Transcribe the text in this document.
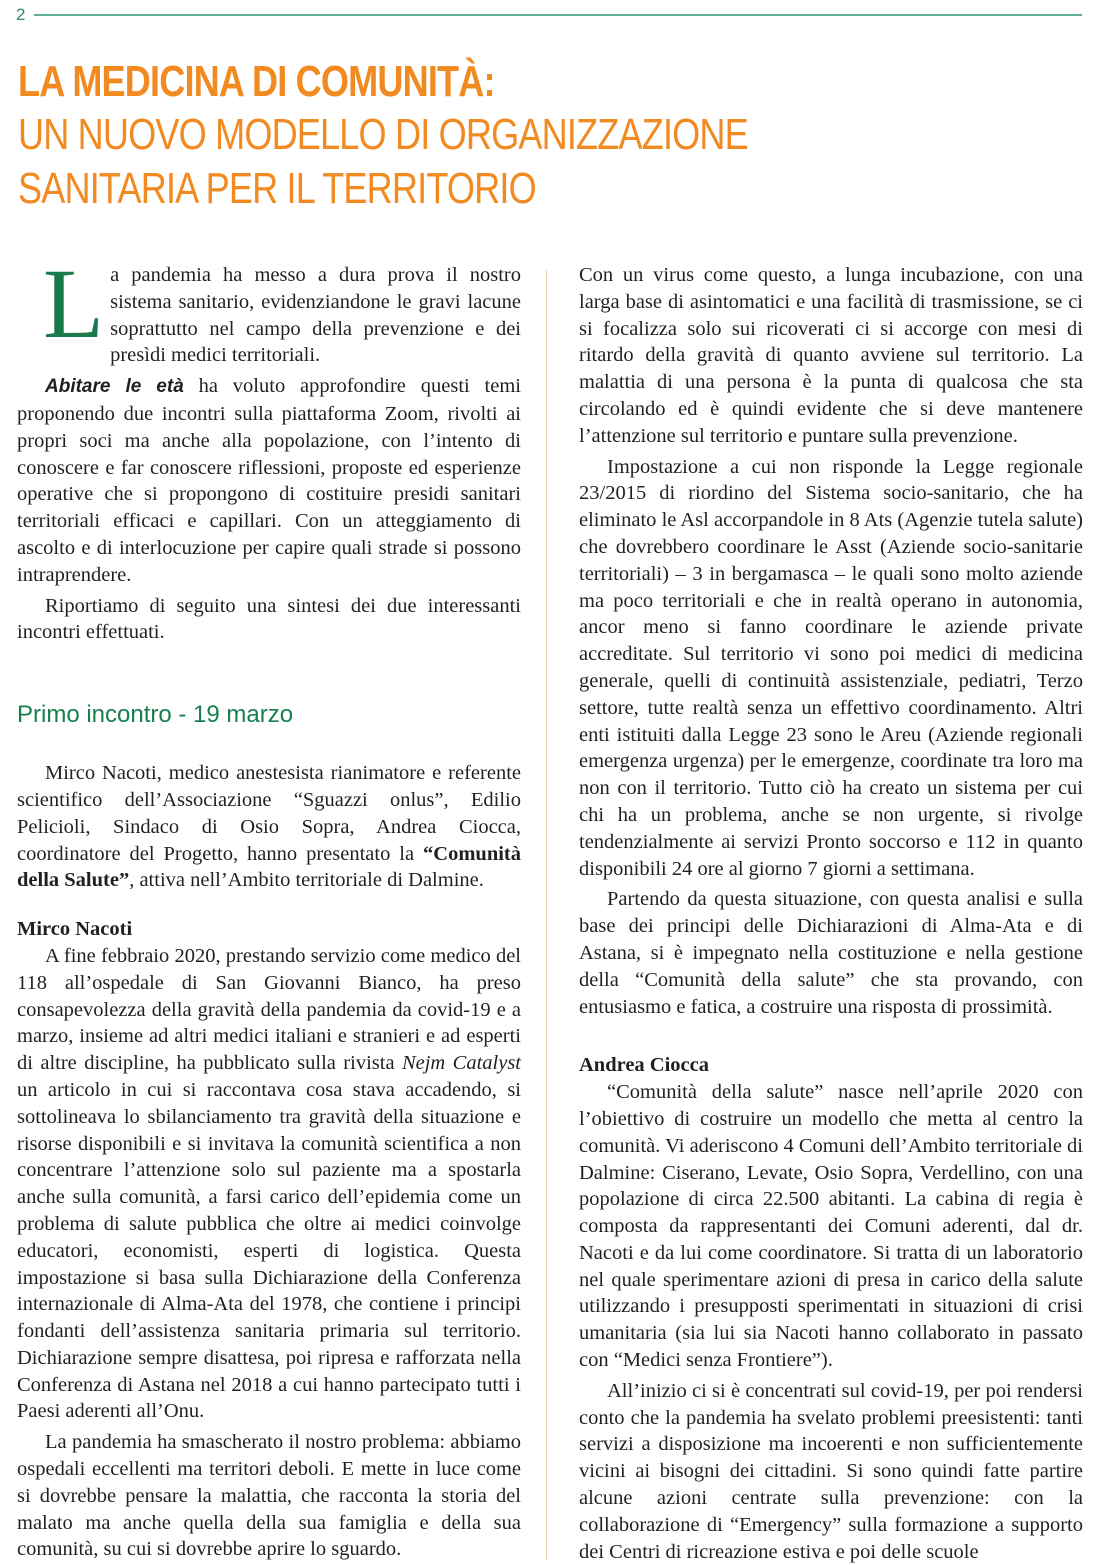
2
LA MEDICINA DI COMUNITÀ:
UN NUOVO MODELLO DI ORGANIZZAZIONE
SANITARIA PER IL TERRITORIO

La pandemia ha messo a dura prova il nostro sistema sanitario, evidenziandone le gravi lacune soprattutto nel campo della prevenzione e dei presìdi medici territoriali.

Abitare le età ha voluto approfondire questi temi proponendo due incontri sulla piattaforma Zoom, rivolti ai propri soci ma anche alla popolazione, con l’intento di conoscere e far conoscere riflessioni, proposte ed esperienze operative che si propongono di costituire presidi sanitari territoriali efficaci e capillari. Con un atteggiamento di ascolto e di interlocuzione per capire quali strade si possono intraprendere.

Riportiamo di seguito una sintesi dei due interessanti incontri effettuati.

Primo incontro - 19 marzo

Mirco Nacoti, medico anestesista rianimatore e referente scientifico dell’Associazione “Sguazzi onlus”, Edilio Pelicioli, Sindaco di Osio Sopra, Andrea Ciocca, coordinatore del Progetto, hanno presentato la “Comunità della Salute”, attiva nell’Ambito territoriale di Dalmine.

Mirco Nacoti

A fine febbraio 2020, prestando servizio come medico del 118 all’ospedale di San Giovanni Bianco, ha preso consapevolezza della gravità della pandemia da covid-19 e a marzo, insieme ad altri medici italiani e stranieri e ad esperti di altre discipline, ha pubblicato sulla rivista Nejm Catalyst un articolo in cui si raccontava cosa stava accadendo, si sottolineava lo sbilanciamento tra gravità della situazione e risorse disponibili e si invitava la comunità scientifica a non concentrare l’attenzione solo sul paziente ma a spostarla anche sulla comunità, a farsi carico dell’epidemia come un problema di salute pubblica che oltre ai medici coinvolge educatori, economisti, esperti di logistica. Questa impostazione si basa sulla Dichiarazione della Conferenza internazionale di Alma-Ata del 1978, che contiene i principi fondanti dell’assistenza sanitaria primaria sul territorio. Dichiarazione sempre disattesa, poi ripresa e rafforzata nella Conferenza di Astana nel 2018 a cui hanno partecipato tutti i Paesi aderenti all’Onu.

La pandemia ha smascherato il nostro problema: abbiamo ospedali eccellenti ma territori deboli. E mette in luce come si dovrebbe pensare la malattia, che racconta la storia del malato ma anche quella della sua famiglia e della sua comunità, su cui si dovrebbe aprire lo sguardo.

Con un virus come questo, a lunga incubazione, con una larga base di asintomatici e una facilità di trasmissione, se ci si focalizza solo sui ricoverati ci si accorge con mesi di ritardo della gravità di quanto avviene sul territorio. La malattia di una persona è la punta di qualcosa che sta circolando ed è quindi evidente che si deve mantenere l’attenzione sul territorio e puntare sulla prevenzione.

Impostazione a cui non risponde la Legge regionale 23/2015 di riordino del Sistema socio-sanitario, che ha eliminato le Asl accorpandole in 8 Ats (Agenzie tutela salute) che dovrebbero coordinare le Asst (Aziende socio-sanitarie territoriali) – 3 in bergamasca – le quali sono molto aziende ma poco territoriali e che in realtà operano in autonomia, ancor meno si fanno coordinare le aziende private accreditate. Sul territorio vi sono poi medici di medicina generale, quelli di continuità assistenziale, pediatri, Terzo settore, tutte realtà senza un effettivo coordinamento. Altri enti istituiti dalla Legge 23 sono le Areu (Aziende regionali emergenza urgenza) per le emergenze, coordinate tra loro ma non con il territorio. Tutto ciò ha creato un sistema per cui chi ha un problema, anche se non urgente, si rivolge tendenzialmente ai servizi Pronto soccorso e 112 in quanto disponibili 24 ore al giorno 7 giorni a settimana.

Partendo da questa situazione, con questa analisi e sulla base dei principi delle Dichiarazioni di Alma-Ata e di Astana, si è impegnato nella costituzione e nella gestione della “Comunità della salute” che sta provando, con entusiasmo e fatica, a costruire una risposta di prossimità.

Andrea Ciocca

“Comunità della salute” nasce nell’aprile 2020 con l’obiettivo di costruire un modello che metta al centro la comunità. Vi aderiscono 4 Comuni dell’Ambito territoriale di Dalmine: Ciserano, Levate, Osio Sopra, Verdellino, con una popolazione di circa 22.500 abitanti. La cabina di regia è composta da rappresentanti dei Comuni aderenti, dal dr. Nacoti e da lui come coordinatore. Si tratta di un laboratorio nel quale sperimentare azioni di presa in carico della salute utilizzando i presupposti sperimentati in situazioni di crisi umanitaria (sia lui sia Nacoti hanno collaborato in passato con “Medici senza Frontiere”).

All’inizio ci si è concentrati sul covid-19, per poi rendersi conto che la pandemia ha svelato problemi preesistenti: tanti servizi a disposizione ma incoerenti e non sufficientemente vicini ai bisogni dei cittadini. Si sono quindi fatte partire alcune azioni centrate sulla prevenzione: con la collaborazione di “Emergency” sulla formazione a supporto dei Centri di ricreazione estiva e poi delle scuole
